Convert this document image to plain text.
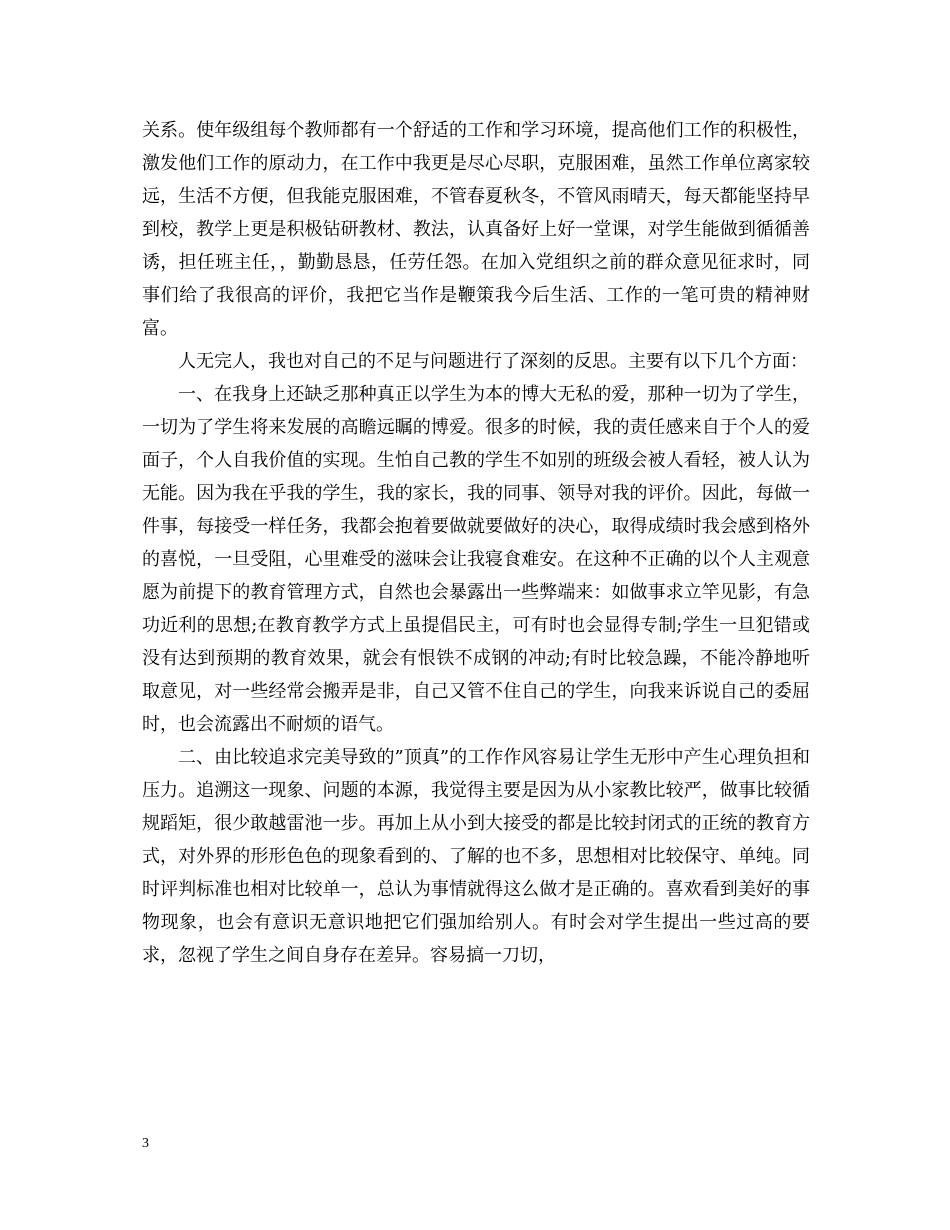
关系。使年级组每个教师都有一个舒适的工作和学习环境，提高他们工作的积极性，激发他们工作的原动力，在工作中我更是尽心尽职，克服困难，虽然工作单位离家较远，生活不方便，但我能克服困难，不管春夏秋冬，不管风雨晴天，每天都能坚持早到校，教学上更是积极钻研教材、教法，认真备好上好一堂课，对学生能做到循循善诱，担任班主任，，勤勤恳恳，任劳任怨。在加入党组织之前的群众意见征求时，同事们给了我很高的评价，我把它当作是鞭策我今后生活、工作的一笔可贵的精神财富。

人无完人，我也对自己的不足与问题进行了深刻的反思。主要有以下几个方面：

一、在我身上还缺乏那种真正以学生为本的博大无私的爱，那种一切为了学生，一切为了学生将来发展的高瞻远瞩的博爱。很多的时候，我的责任感来自于个人的爱面子，个人自我价值的实现。生怕自己教的学生不如别的班级会被人看轻，被人认为无能。因为我在乎我的学生，我的家长，我的同事、领导对我的评价。因此，每做一件事，每接受一样任务，我都会抱着要做就要做好的决心，取得成绩时我会感到格外的喜悦，一旦受阻，心里难受的滋味会让我寝食难安。在这种不正确的以个人主观意愿为前提下的教育管理方式，自然也会暴露出一些弊端来：如做事求立竿见影，有急功近利的思想;在教育教学方式上虽提倡民主，可有时也会显得专制;学生一旦犯错或没有达到预期的教育效果，就会有恨铁不成钢的冲动;有时比较急躁，不能冷静地听取意见，对一些经常会搬弄是非，自己又管不住自己的学生，向我来诉说自己的委屈时，也会流露出不耐烦的语气。

二、由比较追求完美导致的”顶真”的工作作风容易让学生无形中产生心理负担和压力。追溯这一现象、问题的本源，我觉得主要是因为从小家教比较严，做事比较循规蹈矩，很少敢越雷池一步。再加上从小到大接受的都是比较封闭式的正统的教育方式，对外界的形形色色的现象看到的、了解的也不多，思想相对比较保守、单纯。同时评判标准也相对比较单一，总认为事情就得这么做才是正确的。喜欢看到美好的事物现象，也会有意识无意识地把它们强加给别人。有时会对学生提出一些过高的要求，忽视了学生之间自身存在差异。容易搞一刀切，

3
